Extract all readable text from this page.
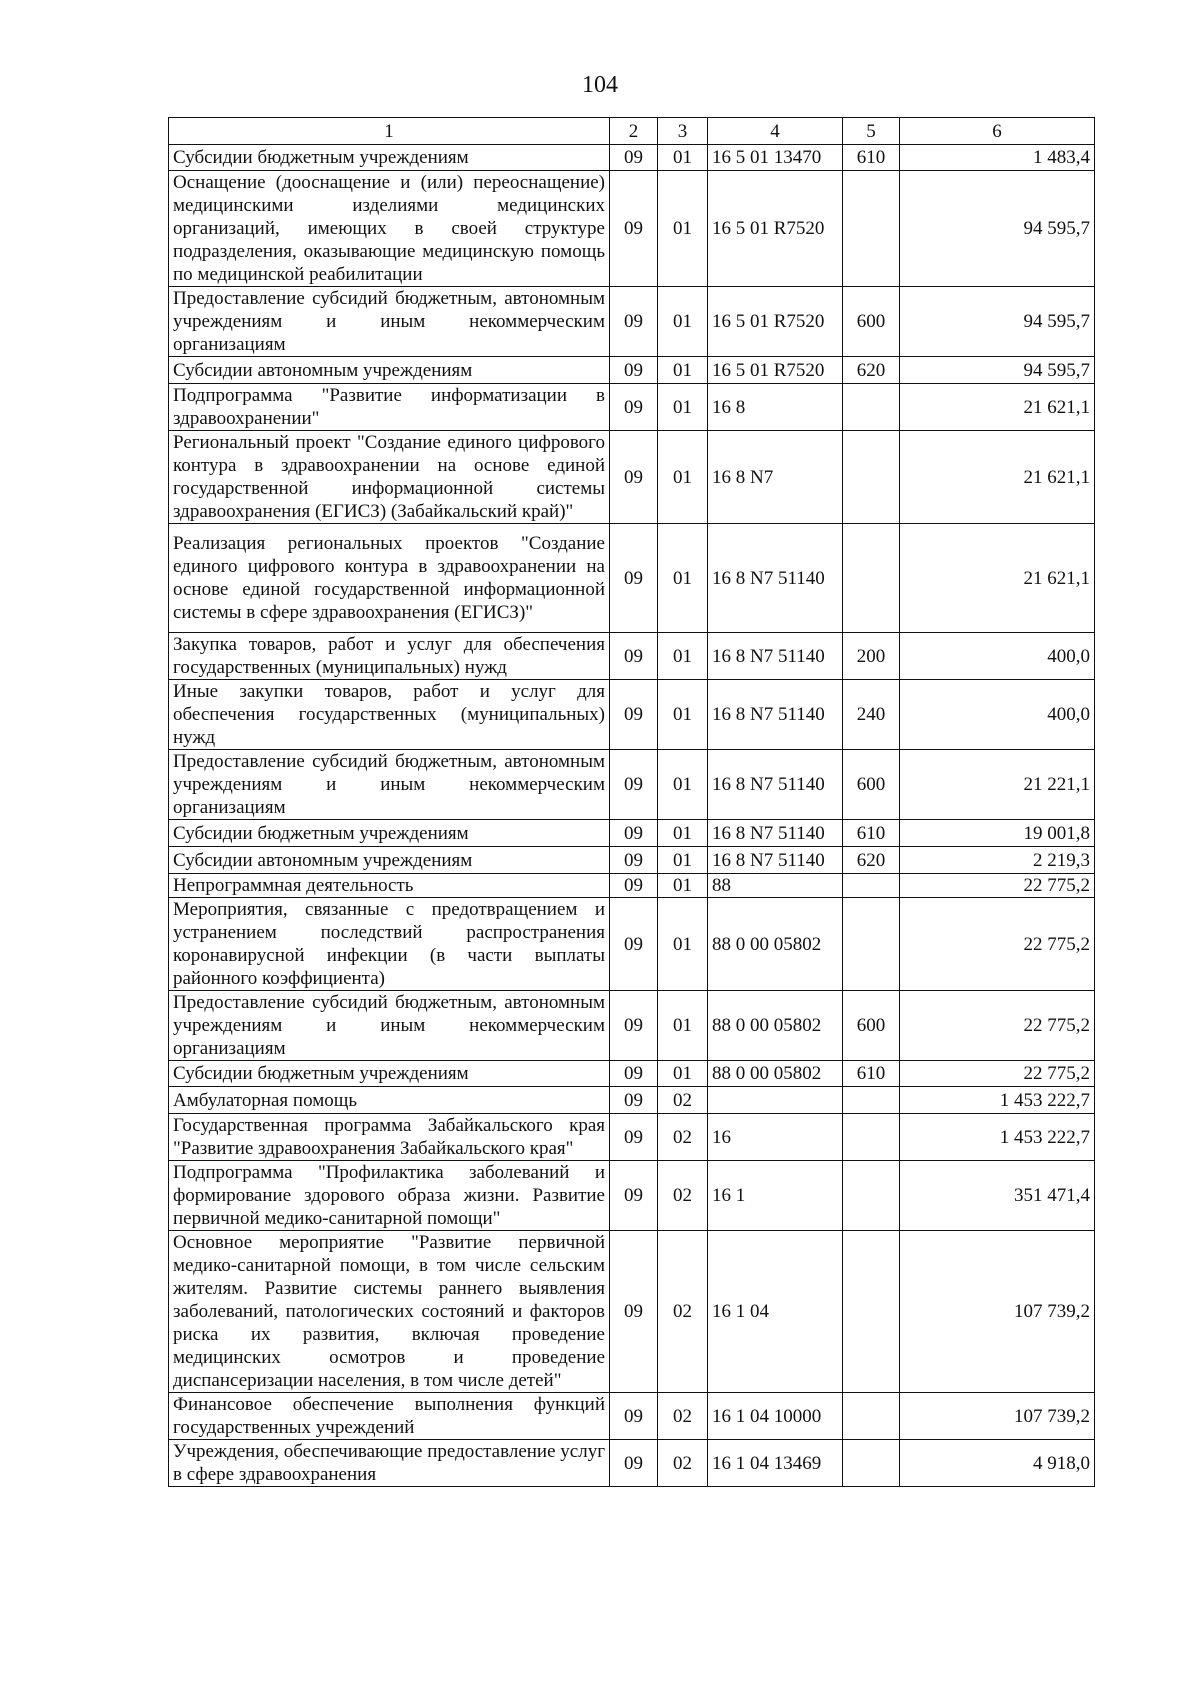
104
1	2	3	4	5	6
Субсидии бюджетным учреждениям	09	01	16 5 01 13470	610	1 483,4
Оснащение (дооснащение и (или) переоснащение) медицинскими изделиями медицинских организаций, имеющих в своей структуре подразделения, оказывающие медицинскую помощь по медицинской реабилитации	09	01	16 5 01 R7520		94 595,7
Предоставление субсидий бюджетным, автономным учреждениям и иным некоммерческим организациям	09	01	16 5 01 R7520	600	94 595,7
Субсидии автономным учреждениям	09	01	16 5 01 R7520	620	94 595,7
Подпрограмма "Развитие информатизации в здравоохранении"	09	01	16 8		21 621,1
Региональный проект "Создание единого цифрового контура в здравоохранении на основе единой государственной информационной системы здравоохранения (ЕГИСЗ) (Забайкальский край)"	09	01	16 8 N7		21 621,1
Реализация региональных проектов "Создание единого цифрового контура в здравоохранении на основе единой государственной информационной системы в сфере здравоохранения (ЕГИСЗ)"	09	01	16 8 N7 51140		21 621,1
Закупка товаров, работ и услуг для обеспечения государственных (муниципальных) нужд	09	01	16 8 N7 51140	200	400,0
Иные закупки товаров, работ и услуг для обеспечения государственных (муниципальных) нужд	09	01	16 8 N7 51140	240	400,0
Предоставление субсидий бюджетным, автономным учреждениям и иным некоммерческим организациям	09	01	16 8 N7 51140	600	21 221,1
Субсидии бюджетным учреждениям	09	01	16 8 N7 51140	610	19 001,8
Субсидии автономным учреждениям	09	01	16 8 N7 51140	620	2 219,3
Непрограммная деятельность	09	01	88		22 775,2
Мероприятия, связанные с предотвращением и устранением последствий распространения коронавирусной инфекции (в части выплаты районного коэффициента)	09	01	88 0 00 05802		22 775,2
Предоставление субсидий бюджетным, автономным учреждениям и иным некоммерческим организациям	09	01	88 0 00 05802	600	22 775,2
Субсидии бюджетным учреждениям	09	01	88 0 00 05802	610	22 775,2
Амбулаторная помощь	09	02			1 453 222,7
Государственная программа Забайкальского края "Развитие здравоохранения Забайкальского края"	09	02	16		1 453 222,7
Подпрограмма "Профилактика заболеваний и формирование здорового образа жизни. Развитие первичной медико-санитарной помощи"	09	02	16 1		351 471,4
Основное мероприятие "Развитие первичной медико-санитарной помощи, в том числе сельским жителям. Развитие системы раннего выявления заболеваний, патологических состояний и факторов риска их развития, включая проведение медицинских осмотров и проведение диспансеризации населения, в том числе детей"	09	02	16 1 04		107 739,2
Финансовое обеспечение выполнения функций государственных учреждений	09	02	16 1 04 10000		107 739,2
Учреждения, обеспечивающие предоставление услуг в сфере здравоохранения	09	02	16 1 04 13469		4 918,0
